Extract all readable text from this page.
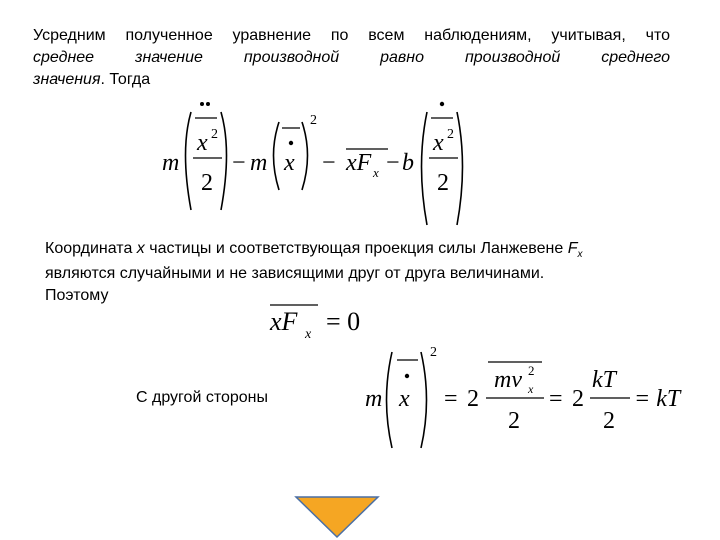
Усредним полученное уравнение по всем наблюдениям, учитывая, что
среднее значение производной равно производной среднего
значения. Тогда
m
x 2
2
− m x
2
− xF x − b
x 2
2
xF x = 0
m x
2
= 2
mv 2
x
2
= 2
kT
2
= kT
Координата x частицы и соответствующая проекция силы Ланжевене $F_x$
являются случайными и не зависящими друг от друга величинами.
Поэтому
С другой стороны
